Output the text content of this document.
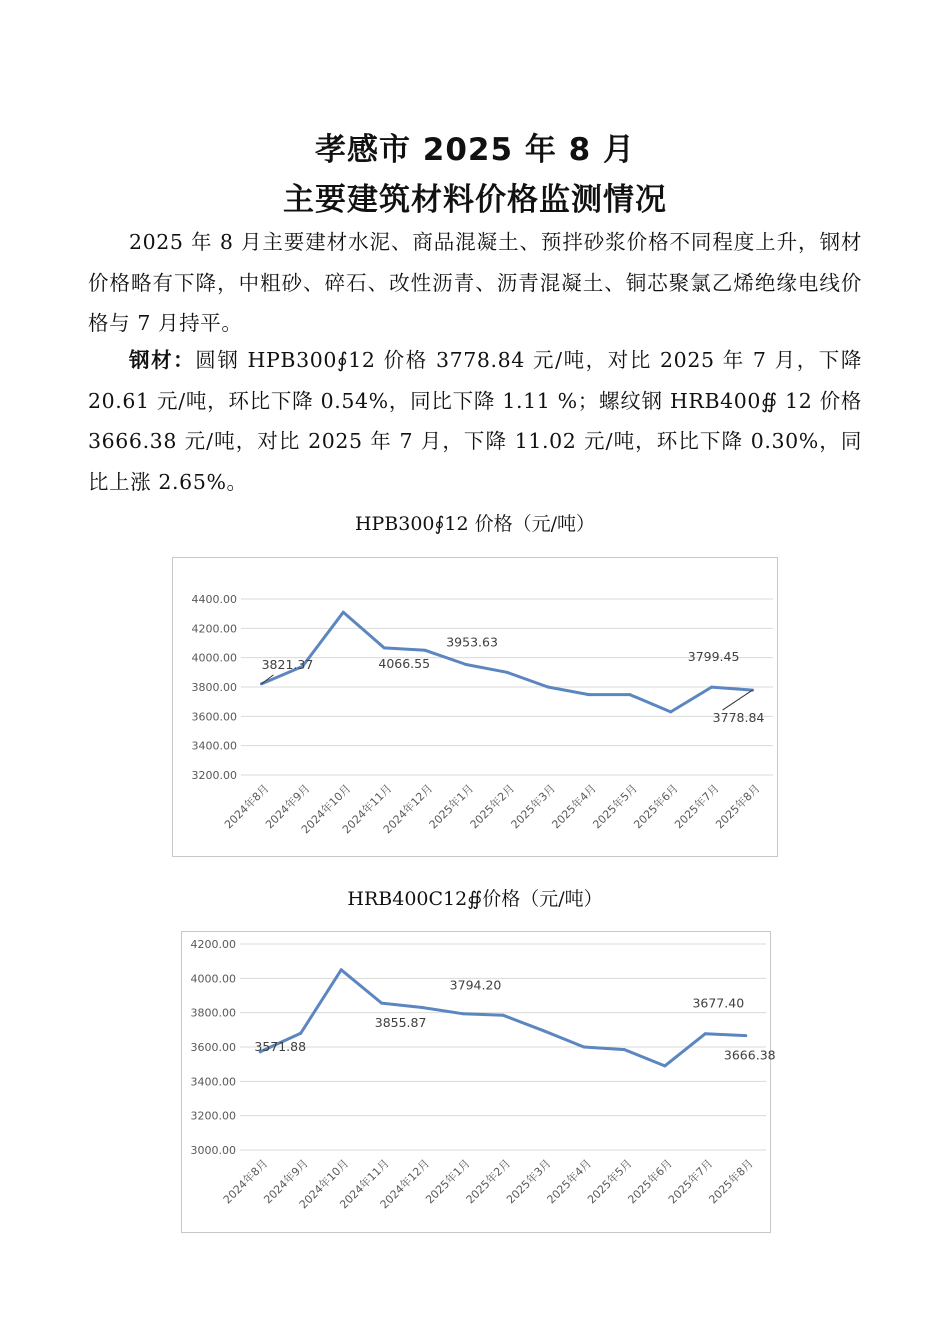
孝感市 2025 年 8 月
主要建筑材料价格监测情况

2025 年 8 月主要建材水泥、商品混凝土、预拌砂浆价格不同程度上升，钢材价格略有下降，中粗砂、碎石、改性沥青、沥青混凝土、铜芯聚氯乙烯绝缘电线价格与 7 月持平。

钢材：圆钢 HPB300∮12 价格 3778.84 元/吨，对比 2025 年 7 月，下降 20.61 元/吨，环比下降 0.54%，同比下降 1.11 %；螺纹钢 HRB400∯ 12 价格 3666.38 元/吨，对比 2025 年 7 月，下降 11.02 元/吨，环比下降 0.30%，同比上涨 2.65%。

HPB300∮12 价格（元/吨）

3200.00
3400.00
3600.00
3800.00
4000.00
4200.00
4400.00
2024年8月
2024年9月
2024年10月
2024年11月
2024年12月
2025年1月
2025年2月
2025年3月
2025年4月
2025年5月
2025年6月
2025年7月
2025年8月
3821.37	4066.55
3953.63
3799.45
3778.84

HRB400C12∯价格（元/吨）

3000.00
3200.00
3400.00
3600.00
3800.00
4000.00
4200.00
2024年8月
2024年9月
2024年10月
2024年11月
2024年12月
2025年1月
2025年2月
2025年3月
2025年4月
2025年5月
2025年6月
2025年7月
2025年8月
3571.88
3855.87
3794.20
3677.40
3666.38
